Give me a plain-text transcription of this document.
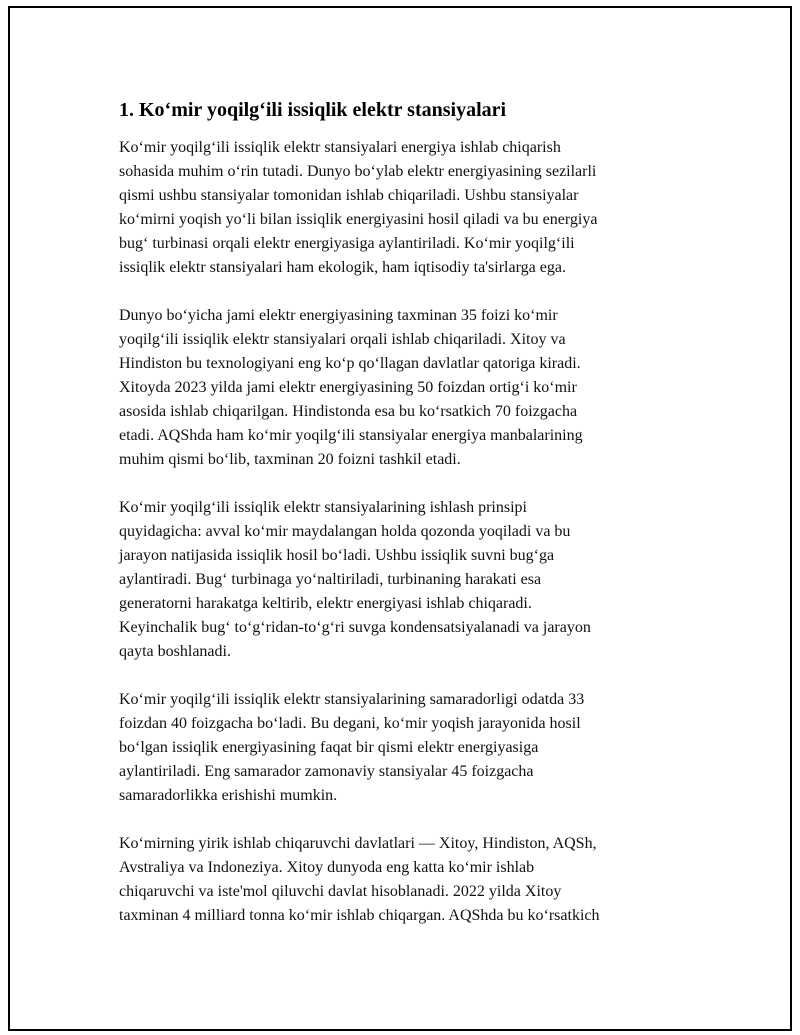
1. Koʻmir yoqilgʻili issiqlik elektr stansiyalari

Koʻmir yoqilgʻili issiqlik elektr stansiyalari energiya ishlab chiqarish
sohasida muhim oʻrin tutadi. Dunyo boʻylab elektr energiyasining sezilarli
qismi ushbu stansiyalar tomonidan ishlab chiqariladi. Ushbu stansiyalar
koʻmirni yoqish yoʻli bilan issiqlik energiyasini hosil qiladi va bu energiya
bugʻ turbinasi orqali elektr energiyasiga aylantiriladi. Koʻmir yoqilgʻili
issiqlik elektr stansiyalari ham ekologik, ham iqtisodiy ta'sirlarga ega.

Dunyo boʻyicha jami elektr energiyasining taxminan 35 foizi koʻmir
yoqilgʻili issiqlik elektr stansiyalari orqali ishlab chiqariladi. Xitoy va
Hindiston bu texnologiyani eng koʻp qoʻllagan davlatlar qatoriga kiradi.
Xitoyda 2023 yilda jami elektr energiyasining 50 foizdan ortigʻi koʻmir
asosida ishlab chiqarilgan. Hindistonda esa bu koʻrsatkich 70 foizgacha
etadi. AQShda ham koʻmir yoqilgʻili stansiyalar energiya manbalarining
muhim qismi boʻlib, taxminan 20 foizni tashkil etadi.

Koʻmir yoqilgʻili issiqlik elektr stansiyalarining ishlash prinsipi
quyidagicha: avval koʻmir maydalangan holda qozonda yoqiladi va bu
jarayon natijasida issiqlik hosil boʻladi. Ushbu issiqlik suvni bugʻga
aylantiradi. Bugʻ turbinaga yoʻnaltiriladi, turbinaning harakati esa
generatorni harakatga keltirib, elektr energiyasi ishlab chiqaradi.
Keyinchalik bugʻ toʻgʻridan-toʻgʻri suvga kondensatsiyalanadi va jarayon
qayta boshlanadi.

Koʻmir yoqilgʻili issiqlik elektr stansiyalarining samaradorligi odatda 33
foizdan 40 foizgacha boʻladi. Bu degani, koʻmir yoqish jarayonida hosil
boʻlgan issiqlik energiyasining faqat bir qismi elektr energiyasiga
aylantiriladi. Eng samarador zamonaviy stansiyalar 45 foizgacha
samaradorlikka erishishi mumkin.

Koʻmirning yirik ishlab chiqaruvchi davlatlari — Xitoy, Hindiston, AQSh,
Avstraliya va Indoneziya. Xitoy dunyoda eng katta koʻmir ishlab
chiqaruvchi va iste'mol qiluvchi davlat hisoblanadi. 2022 yilda Xitoy
taxminan 4 milliard tonna koʻmir ishlab chiqargan. AQShda bu koʻrsatkich
